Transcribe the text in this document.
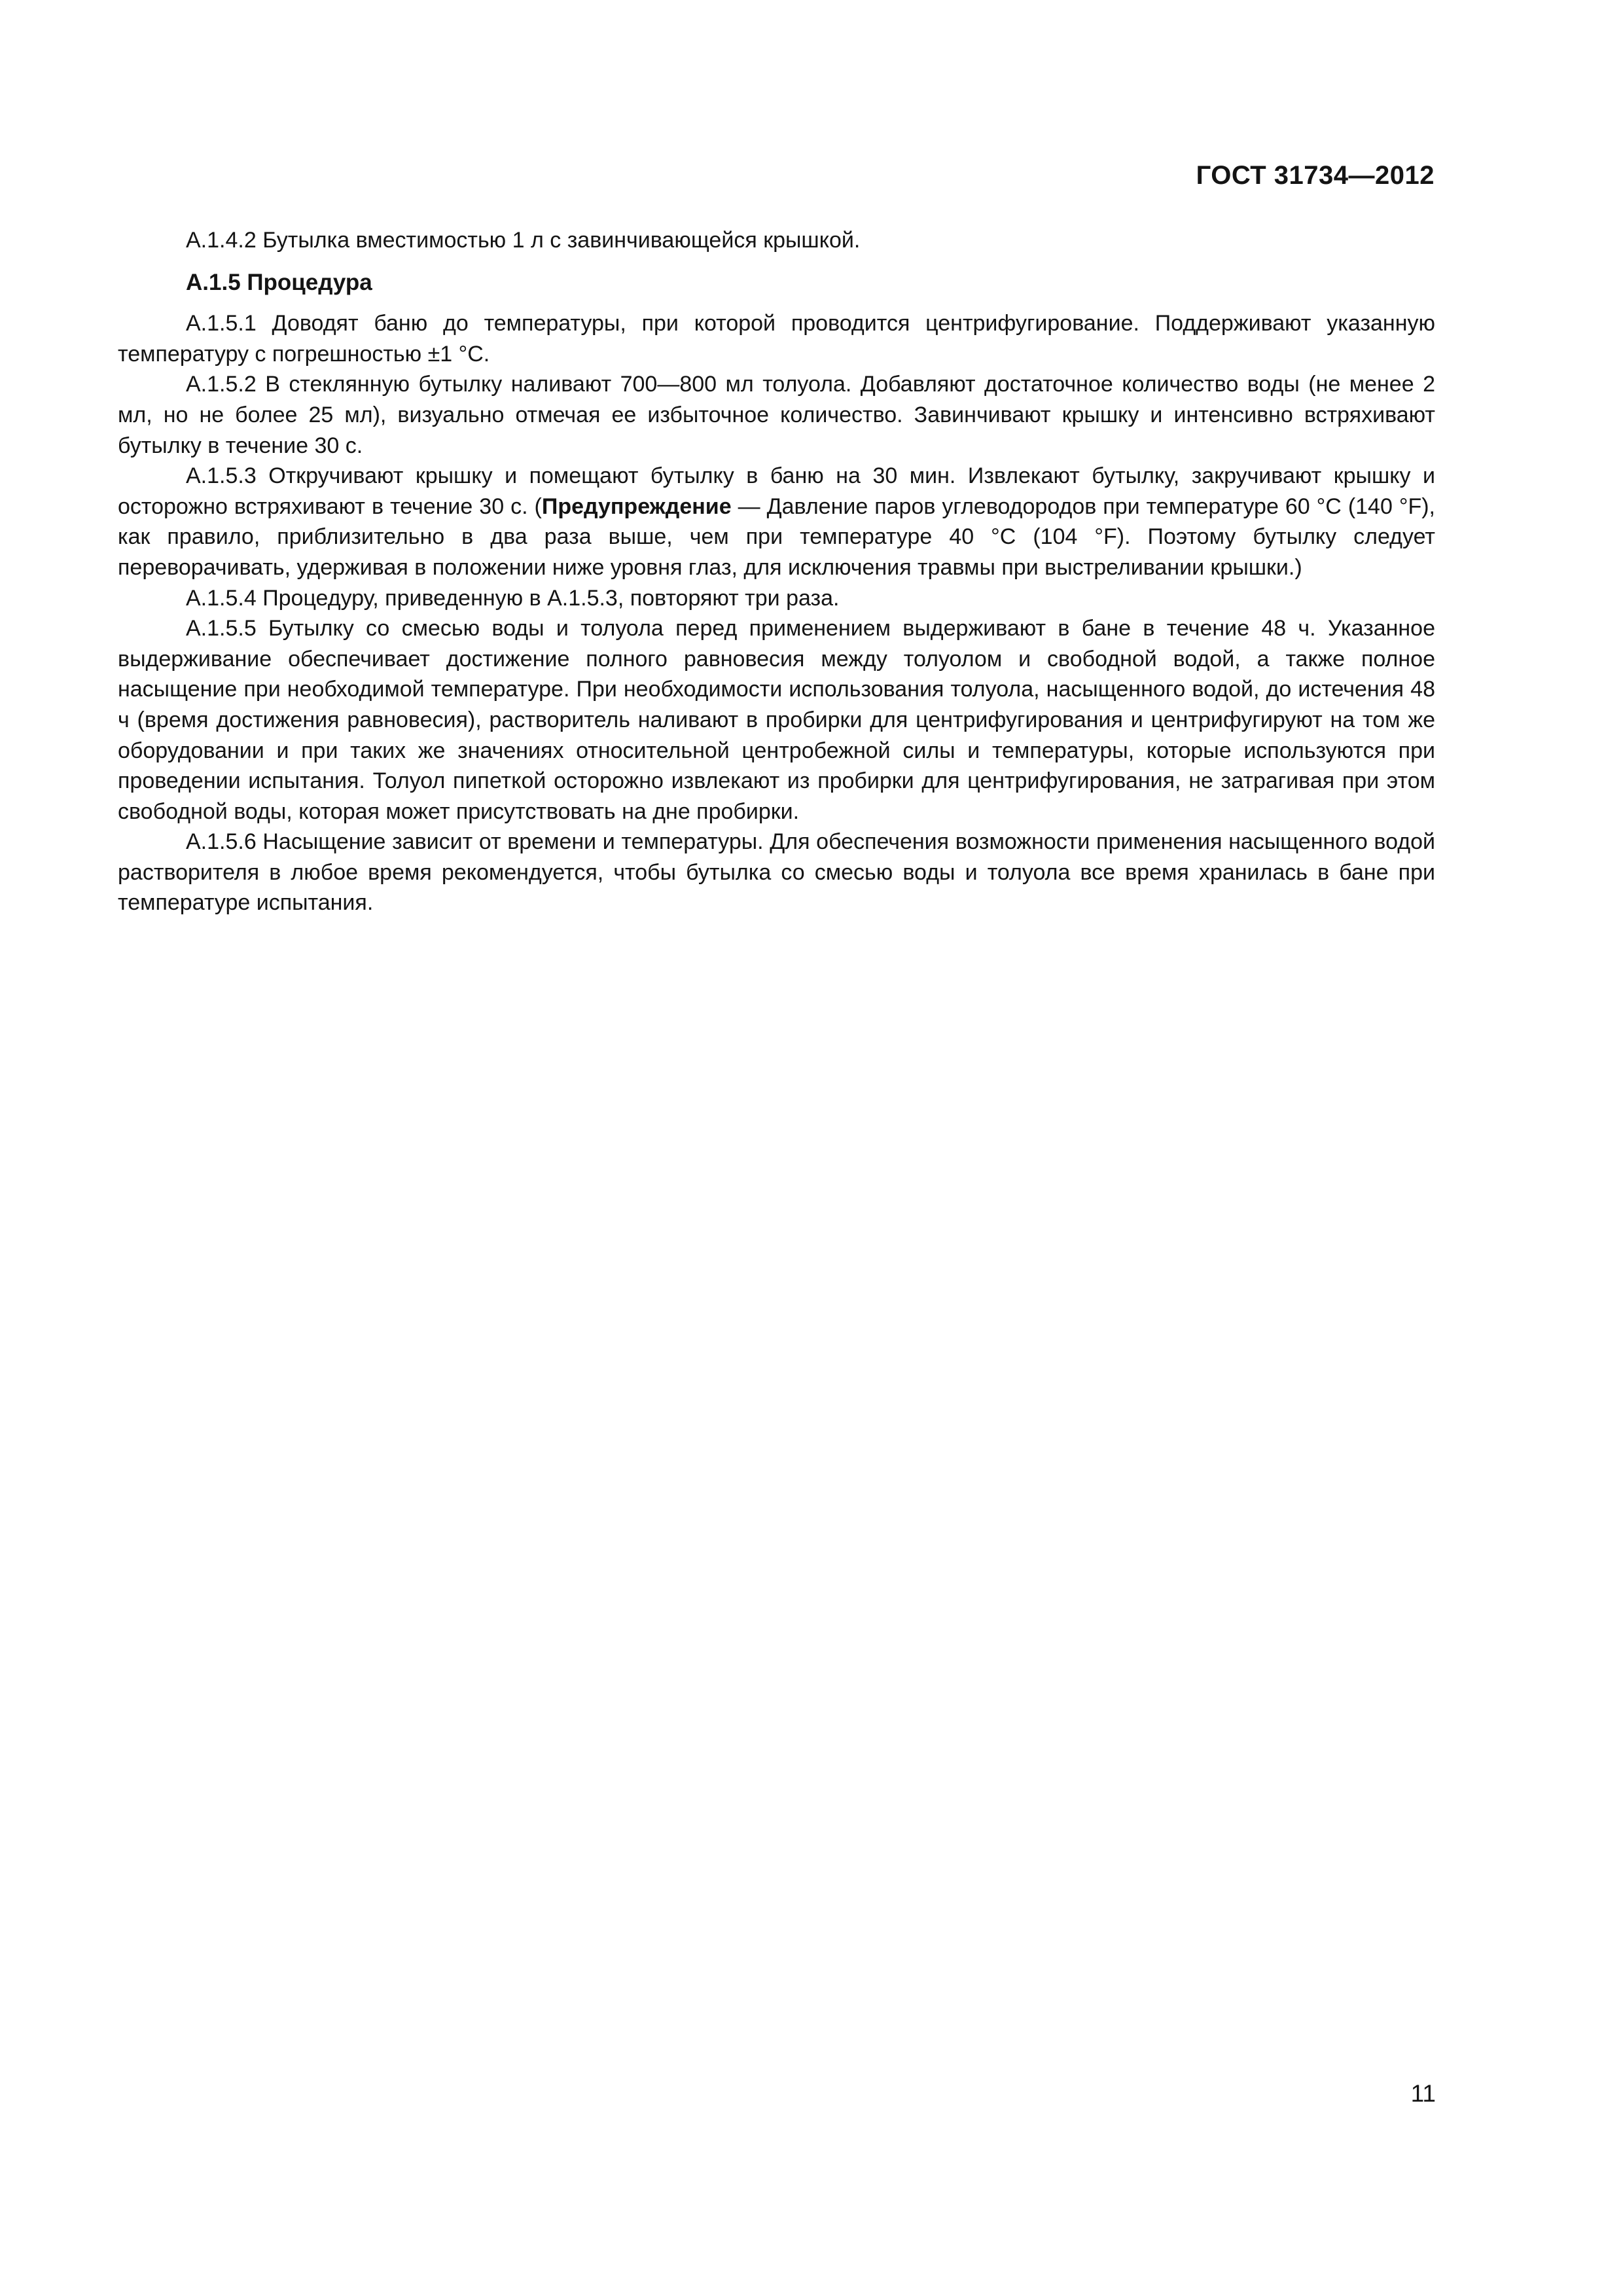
ГОСТ 31734—2012

А.1.4.2 Бутылка вместимостью 1 л с завинчивающейся крышкой.

А.1.5 Процедура

А.1.5.1 Доводят баню до температуры, при которой проводится центрифугирование. Поддерживают указанную температуру с погрешностью ±1 °С.

А.1.5.2 В стеклянную бутылку наливают 700—800 мл толуола. Добавляют достаточное количество воды (не менее 2 мл, но не более 25 мл), визуально отмечая ее избыточное количество. Завинчивают крышку и интенсивно встряхивают бутылку в течение 30 с.

А.1.5.3 Откручивают крышку и помещают бутылку в баню на 30 мин. Извлекают бутылку, закручивают крышку и осторожно встряхивают в течение 30 с. (Предупреждение — Давление паров углеводородов при температуре 60 °С (140 °F), как правило, приблизительно в два раза выше, чем при температуре 40 °С (104 °F). Поэтому бутылку следует переворачивать, удерживая в положении ниже уровня глаз, для исключения травмы при выстреливании крышки.)

А.1.5.4 Процедуру, приведенную в А.1.5.3, повторяют три раза.

А.1.5.5 Бутылку со смесью воды и толуола перед применением выдерживают в бане в течение 48 ч. Указанное выдерживание обеспечивает достижение полного равновесия между толуолом и свободной водой, а также полное насыщение при необходимой температуре. При необходимости использования толуола, насыщенного водой, до истечения 48 ч (время достижения равновесия), растворитель наливают в пробирки для центрифугирования и центрифугируют на том же оборудовании и при таких же значениях относительной центробежной силы и температуры, которые используются при проведении испытания. Толуол пипеткой осторожно извлекают из пробирки для центрифугирования, не затрагивая при этом свободной воды, которая может присутствовать на дне пробирки.

А.1.5.6 Насыщение зависит от времени и температуры. Для обеспечения возможности применения насыщенного водой растворителя в любое время рекомендуется, чтобы бутылка со смесью воды и толуола все время хранилась в бане при температуре испытания.

11
